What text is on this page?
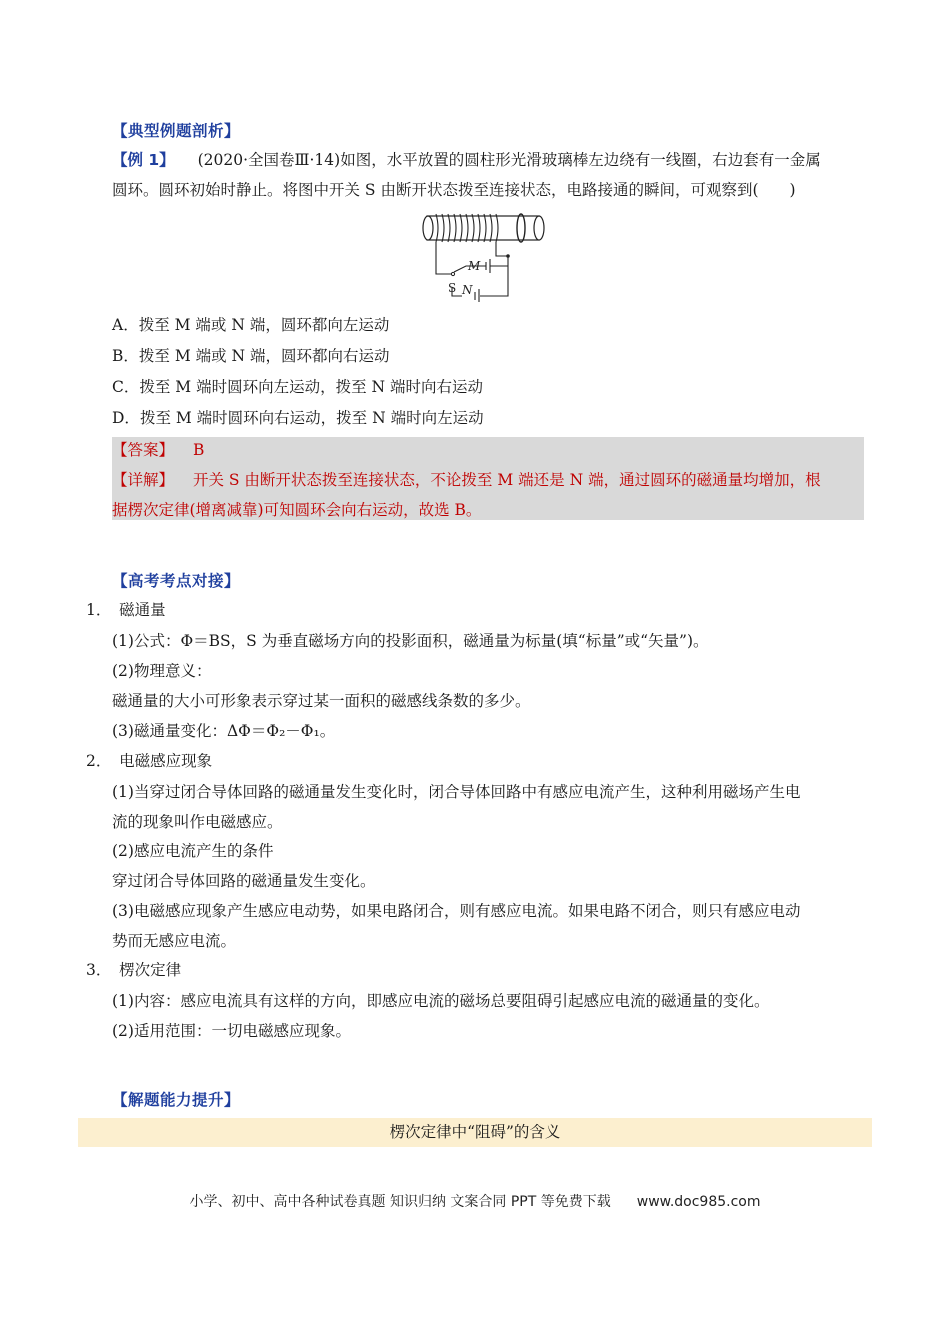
【典型例题剖析】
【例 1】 (2020·全国卷Ⅲ·14)如图，水平放置的圆柱形光滑玻璃棒左边绕有一线圈，右边套有一金属
圆环。圆环初始时静止。将图中开关 S 由断开状态拨至连接状态，电路接通的瞬间，可观察到(　　)
M
S N
A．拨至 M 端或 N 端，圆环都向左运动
B．拨至 M 端或 N 端，圆环都向右运动
C．拨至 M 端时圆环向左运动，拨至 N 端时向右运动
D．拨至 M 端时圆环向右运动，拨至 N 端时向左运动
【答案】 B
【详解】 开关 S 由断开状态拨至连接状态，不论拨至 M 端还是 N 端，通过圆环的磁通量均增加，根
据楞次定律(增离减靠)可知圆环会向右运动，故选 B。
【高考考点对接】
1．　磁通量
(1)公式：Φ＝BS，S 为垂直磁场方向的投影面积，磁通量为标量(填“标量”或“矢量”)。
(2)物理意义：
磁通量的大小可形象表示穿过某一面积的磁感线条数的多少。
(3)磁通量变化：ΔΦ＝Φ₂－Φ₁。
2．　电磁感应现象
(1)当穿过闭合导体回路的磁通量发生变化时，闭合导体回路中有感应电流产生，这种利用磁场产生电
流的现象叫作电磁感应。
(2)感应电流产生的条件
穿过闭合导体回路的磁通量发生变化。
(3)电磁感应现象产生感应电动势，如果电路闭合，则有感应电流。如果电路不闭合，则只有感应电动
势而无感应电流。
3．　楞次定律
(1)内容：感应电流具有这样的方向，即感应电流的磁场总要阻碍引起感应电流的磁通量的变化。
(2)适用范围：一切电磁感应现象。
【解题能力提升】
楞次定律中“阻碍”的含义
小学、初中、高中各种试卷真题 知识归纳 文案合同 PPT 等免费下载 www.doc985.com
